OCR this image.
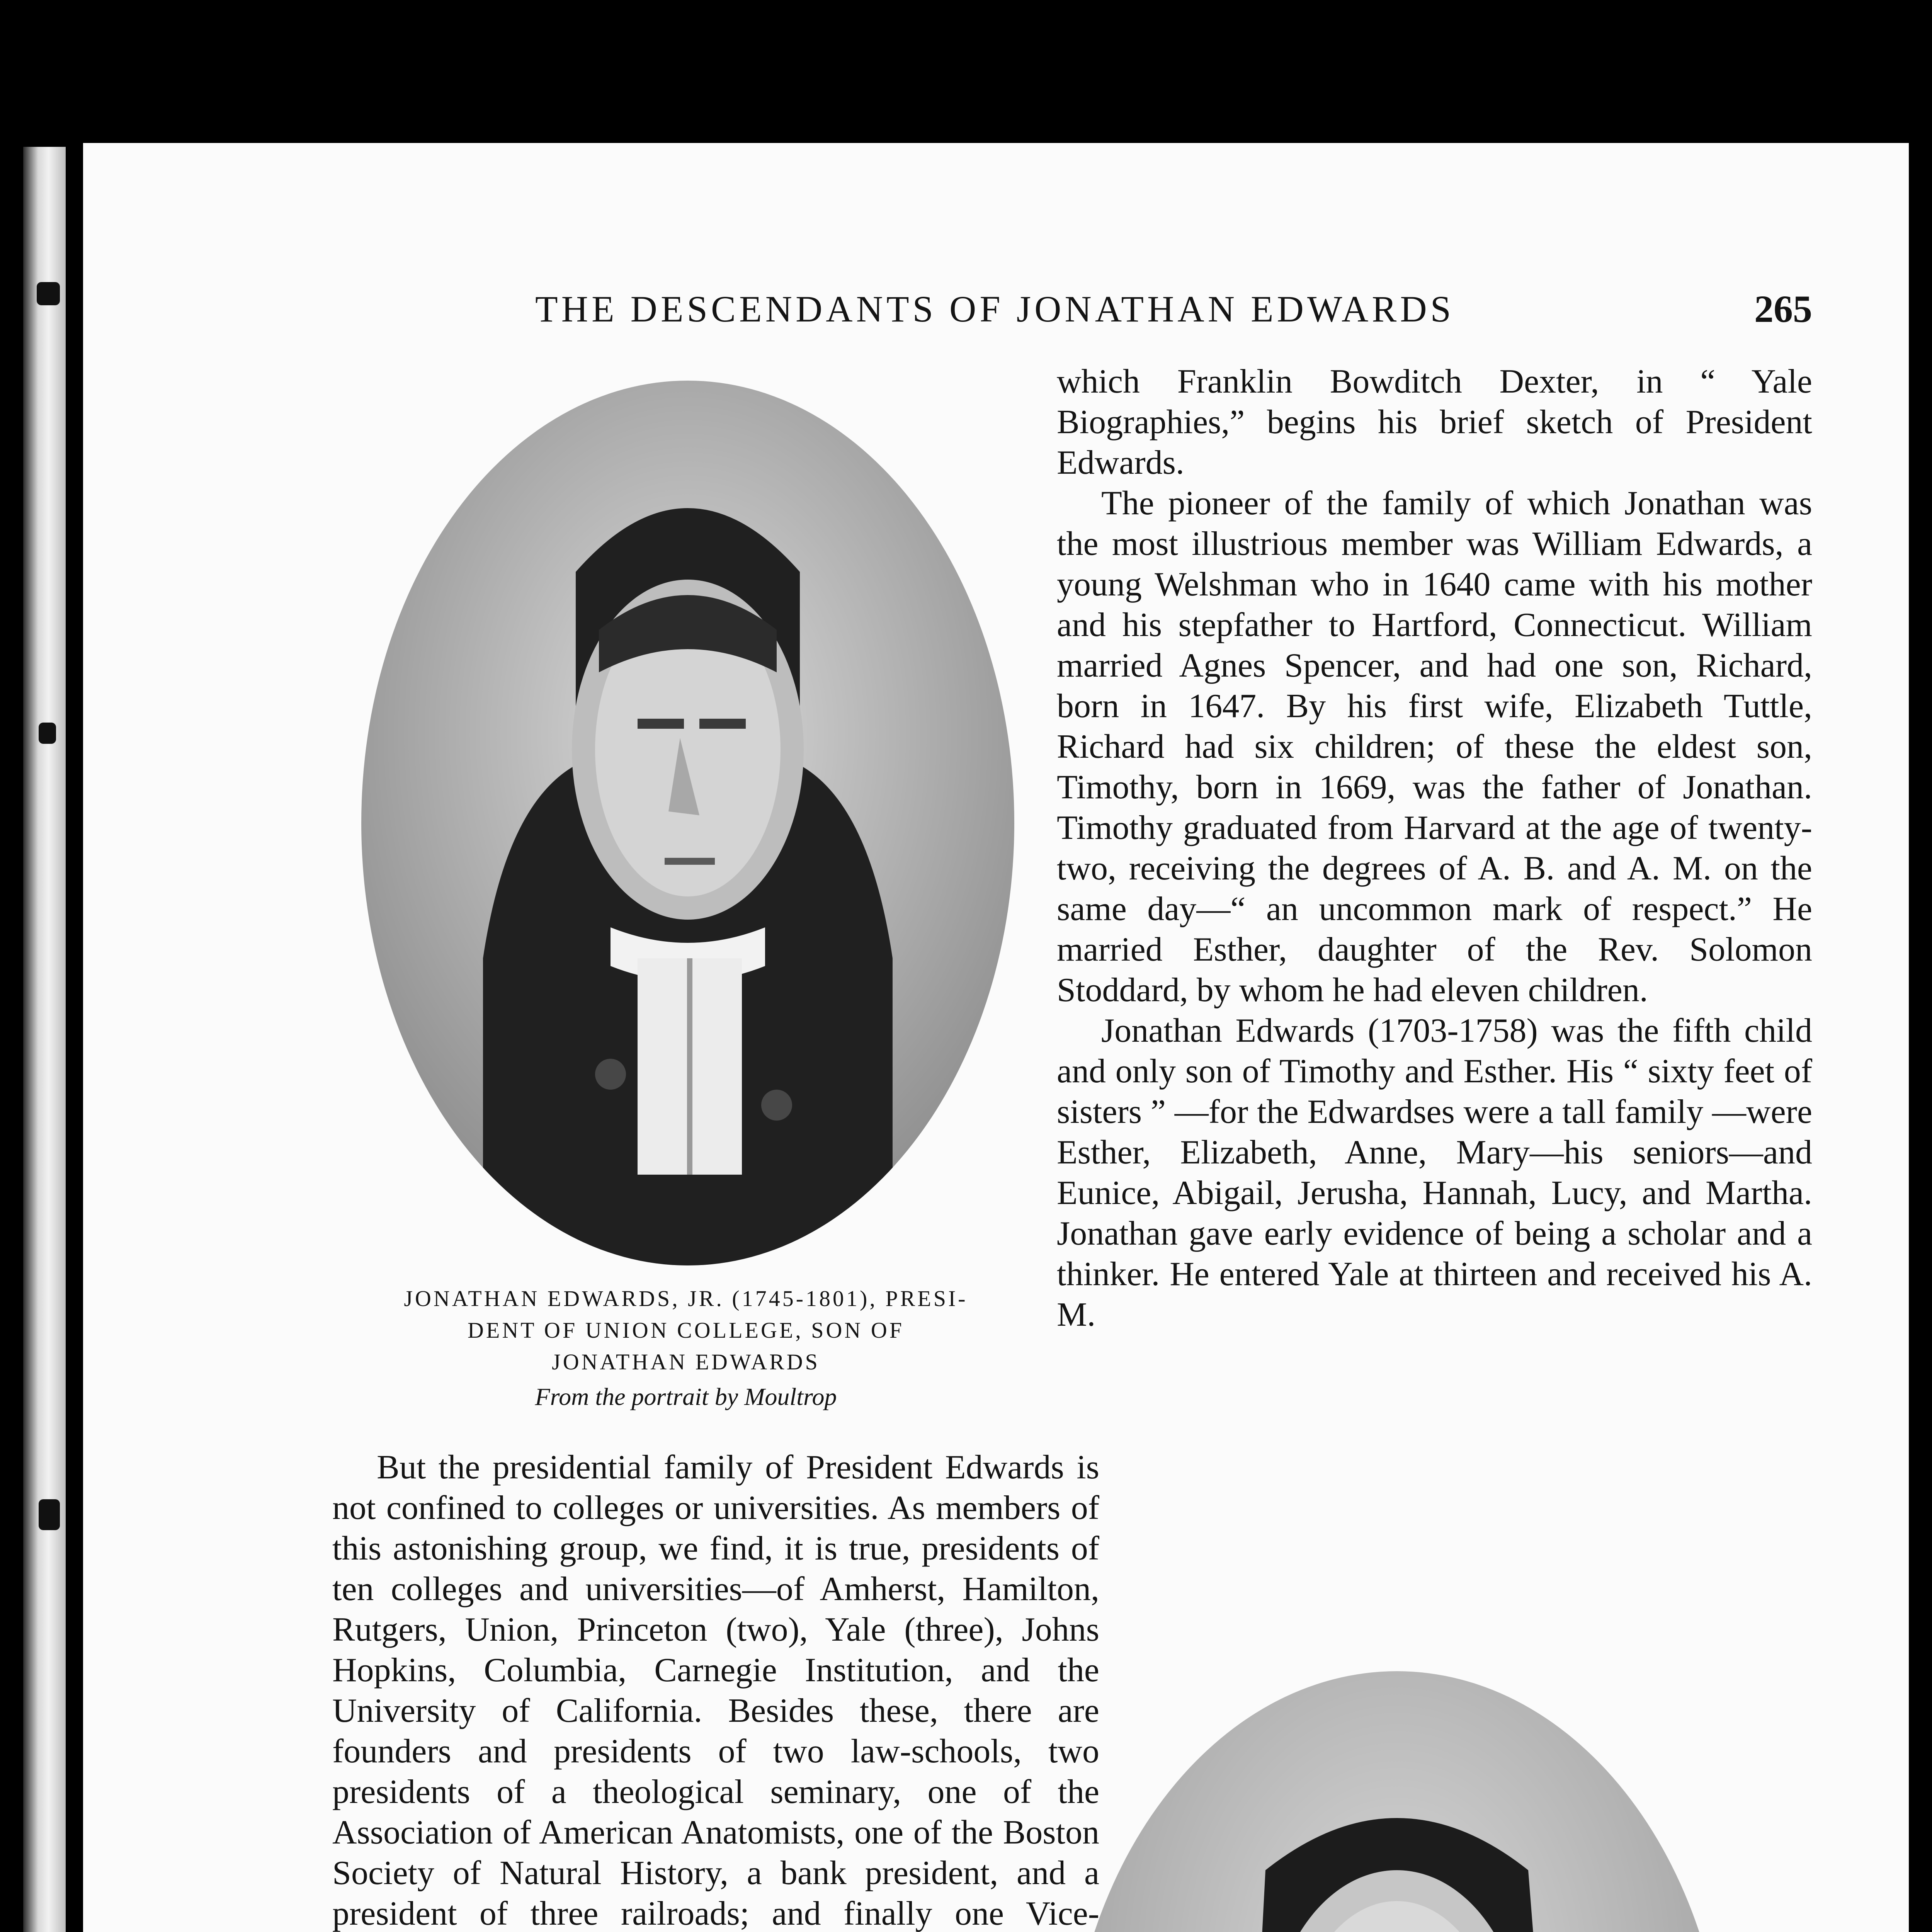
THE DESCENDANTS OF JONATHAN EDWARDS	265
JONATHAN EDWARDS, JR. (1745-1801), PRESI-
DENT OF UNION COLLEGE, SON OF
JONATHAN EDWARDS
From the portrait by Moultrop

But the presidential family of President Edwards is not confined to colleges or universities. As members of this astonishing group, we find, it is true, presidents of ten colleges and universities—of Amherst, Hamilton, Rutgers, Union, Princeton (two), Yale (three), Johns Hopkins, Columbia, Carnegie Institution, and the University of California. Besides these, there are founders and presidents of two law-schools, two presidents of a theological seminary, one of the Association of American Anatomists, one of the Boston Society of Natural History, a bank president, and a president of three railroads; and finally one Vice-

which Franklin Bowditch Dexter, in “ Yale Biographies,” begins his brief sketch of President Edwards.

The pioneer of the family of which Jonathan was the most illustrious member was William Edwards, a young Welshman who in 1640 came with his mother and his stepfather to Hartford, Connecticut. William married Agnes Spencer, and had one son, Richard, born in 1647. By his first wife, Elizabeth Tuttle, Richard had six children; of these the eldest son, Timothy, born in 1669, was the father of Jonathan. Timothy graduated from Harvard at the age of twenty-two, receiving the degrees of A. B. and A. M. on the same day—“ an uncommon mark of respect.” He married Esther, daughter of the Rev. Solomon Stoddard, by whom he had eleven children.

Jonathan Edwards (1703-1758) was the fifth child and only son of Timothy and Esther. His “ sixty feet of sisters ” —for the Edwardses were a tall family —were Esther, Elizabeth, Anne, Mary—his seniors—and Eunice, Abigail, Jerusha, Hannah, Lucy, and Martha. Jonathan gave early evidence of being a scholar and a thinker. He entered Yale at thirteen and received his A. M.
